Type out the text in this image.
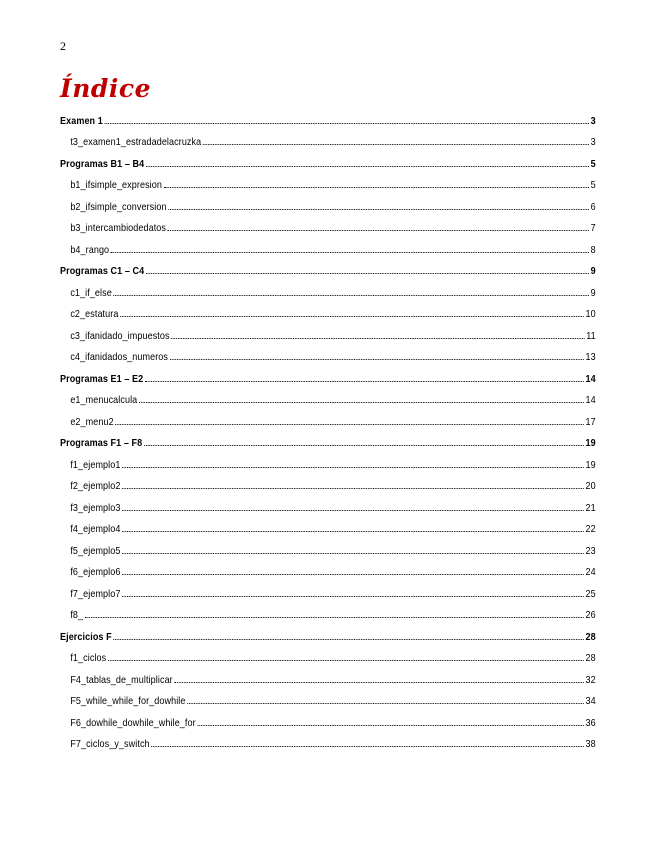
2
Índice
Examen 1	3
t3_examen1_estradadelacruzka	3
Programas B1 – B4	5
b1_ifsimple_expresion	5
b2_ifsimple_conversion	6
b3_intercambiodedatos	7
b4_rango	8
Programas C1 – C4	9
c1_if_else	9
c2_estatura	10
c3_ifanidado_impuestos	11
c4_ifanidados_numeros	13
Programas E1 – E2	14
e1_menucalcula	14
e2_menu2	17
Programas F1 – F8	19
f1_ejemplo1	19
f2_ejemplo2	20
f3_ejemplo3	21
f4_ejemplo4	22
f5_ejemplo5	23
f6_ejemplo6	24
f7_ejemplo7	25
f8_	26
Ejercicios F	28
f1_ciclos	28
F4_tablas_de_multiplicar	32
F5_while_while_for_dowhile	34
F6_dowhile_dowhile_while_for	36
F7_ciclos_y_switch	38
